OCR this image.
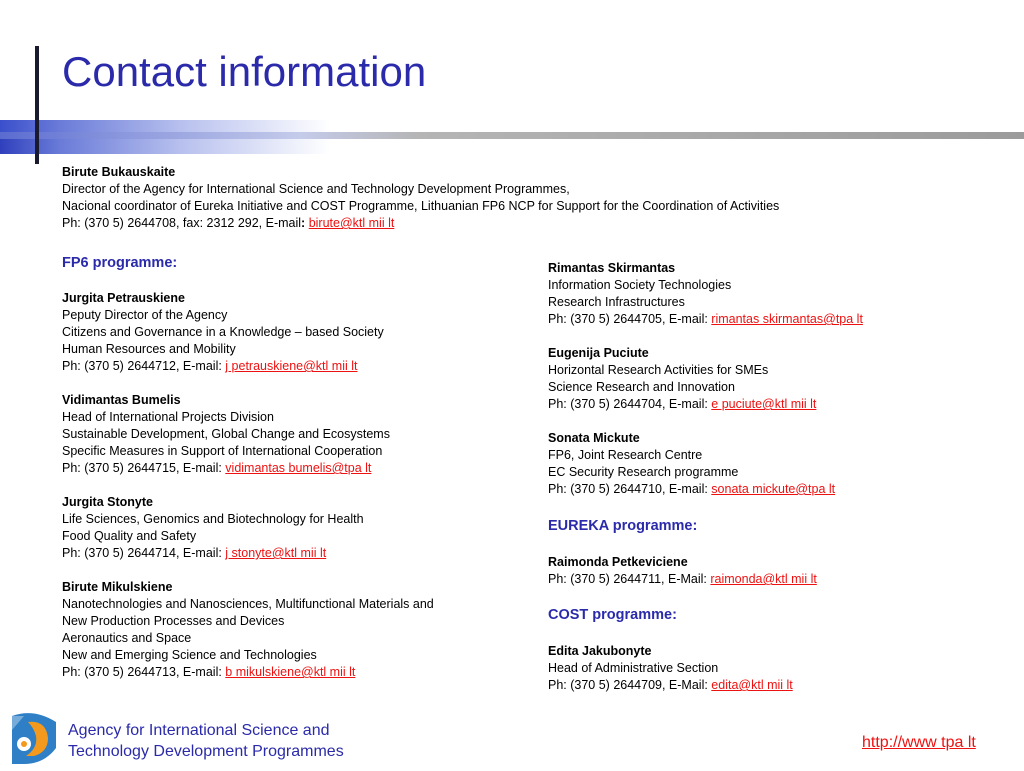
Contact information
Birute Bukauskaite
Director of the Agency for International Science and Technology Development Programmes,
Nacional coordinator of Eureka Initiative and COST Programme, Lithuanian FP6 NCP for Support for the Coordination of Activities
Ph: (370 5) 2644708, fax: 2312 292, E-mail: birute@ktl mii lt
FP6 programme:
Jurgita Petrauskiene
Peputy Director of the Agency
Citizens and Governance in a Knowledge – based Society
Human Resources and Mobility
Ph: (370 5) 2644712, E-mail: j petrauskiene@ktl mii lt
Vidimantas Bumelis
Head of International Projects Division
Sustainable Development, Global Change and Ecosystems
Specific Measures in Support of International Cooperation
Ph: (370 5) 2644715, E-mail: vidimantas bumelis@tpa lt
Jurgita Stonyte
Life Sciences, Genomics and Biotechnology for Health
Food Quality and Safety
Ph: (370 5) 2644714, E-mail: j stonyte@ktl mii lt
Birute Mikulskiene
Nanotechnologies and Nanosciences, Multifunctional Materials and
New Production Processes and Devices
Aeronautics and Space
New and Emerging Science and Technologies
Ph: (370 5) 2644713, E-mail: b mikulskiene@ktl mii lt
Rimantas Skirmantas
Information Society Technologies
Research Infrastructures
Ph: (370 5) 2644705, E-mail: rimantas skirmantas@tpa lt
Eugenija Puciute
Horizontal Research Activities for SMEs
Science Research and Innovation
Ph: (370 5) 2644704, E-mail: e puciute@ktl mii lt
Sonata Mickute
FP6, Joint Research Centre
EC Security Research programme
Ph: (370 5) 2644710, E-mail: sonata mickute@tpa lt
EUREKA programme:
Raimonda Petkeviciene
Ph: (370 5) 2644711, E-Mail: raimonda@ktl mii lt
COST programme:
Edita Jakubonyte
Head of Administrative Section
Ph: (370 5) 2644709, E-Mail: edita@ktl mii lt
Agency for International Science and
Technology Development Programmes
http://www tpa lt
